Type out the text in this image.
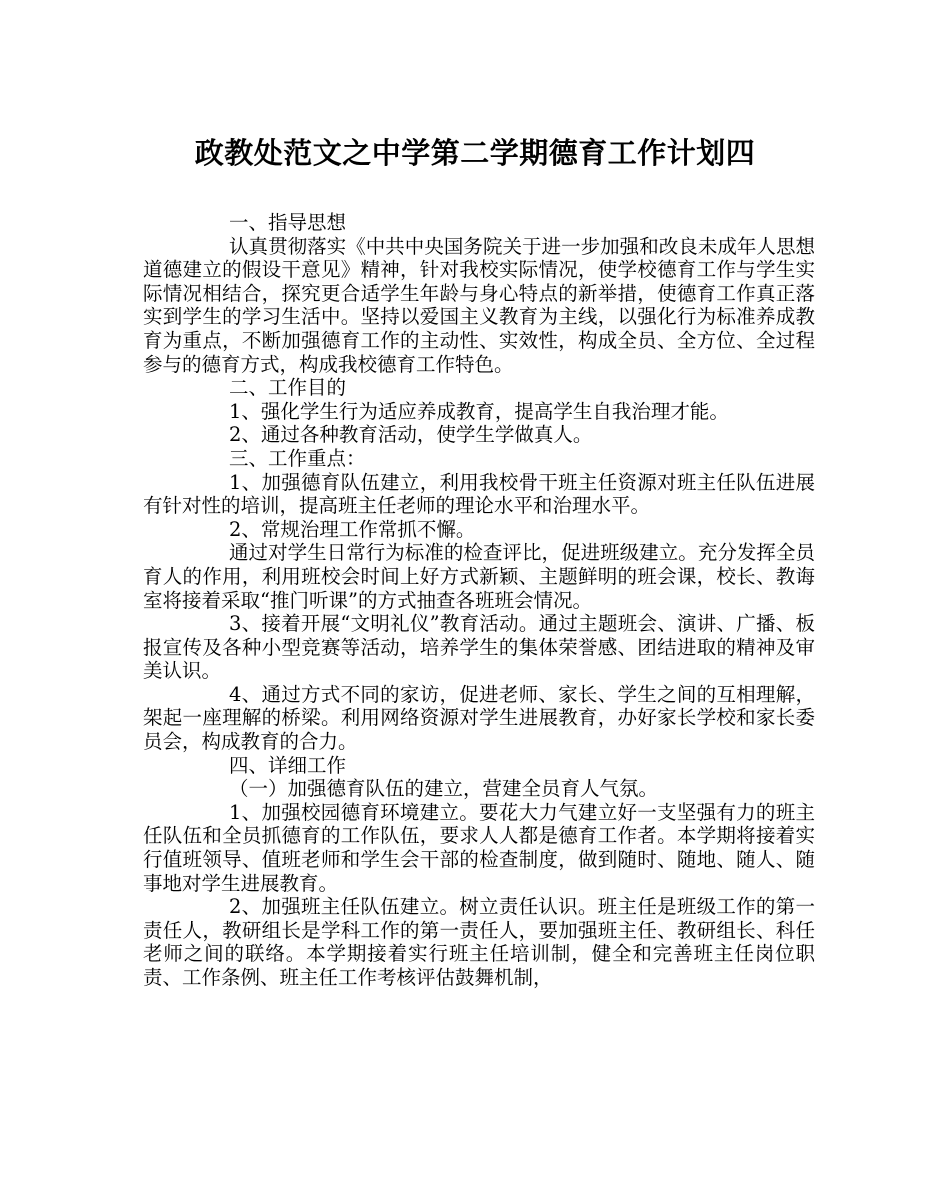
政教处范文之中学第二学期德育工作计划四

一、指导思想

认真贯彻落实《中共中央国务院关于进一步加强和改良未成年人思想道德建立的假设干意见》精神，针对我校实际情况，使学校德育工作与学生实际情况相结合，探究更合适学生年龄与身心特点的新举措，使德育工作真正落实到学生的学习生活中。坚持以爱国主义教育为主线，以强化行为标准养成教育为重点，不断加强德育工作的主动性、实效性，构成全员、全方位、全过程参与的德育方式，构成我校德育工作特色。

二、工作目的

1、强化学生行为适应养成教育，提高学生自我治理才能。

2、通过各种教育活动，使学生学做真人。

三、工作重点：

1、加强德育队伍建立，利用我校骨干班主任资源对班主任队伍进展有针对性的培训，提高班主任老师的理论水平和治理水平。

2、常规治理工作常抓不懈。

通过对学生日常行为标准的检查评比，促进班级建立。充分发挥全员育人的作用，利用班校会时间上好方式新颖、主题鲜明的班会课，校长、教诲室将接着采取“推门听课”的方式抽查各班班会情况。

3、接着开展“文明礼仪”教育活动。通过主题班会、演讲、广播、板报宣传及各种小型竞赛等活动，培养学生的集体荣誉感、团结进取的精神及审美认识。

4、通过方式不同的家访，促进老师、家长、学生之间的互相理解，架起一座理解的桥梁。利用网络资源对学生进展教育，办好家长学校和家长委员会，构成教育的合力。

四、详细工作

（一）加强德育队伍的建立，营建全员育人气氛。

1、加强校园德育环境建立。要花大力气建立好一支坚强有力的班主任队伍和全员抓德育的工作队伍，要求人人都是德育工作者。本学期将接着实行值班领导、值班老师和学生会干部的检查制度，做到随时、随地、随人、随事地对学生进展教育。

2、加强班主任队伍建立。树立责任认识。班主任是班级工作的第一责任人，教研组长是学科工作的第一责任人，要加强班主任、教研组长、科任老师之间的联络。本学期接着实行班主任培训制，健全和完善班主任岗位职责、工作条例、班主任工作考核评估鼓舞机制，
